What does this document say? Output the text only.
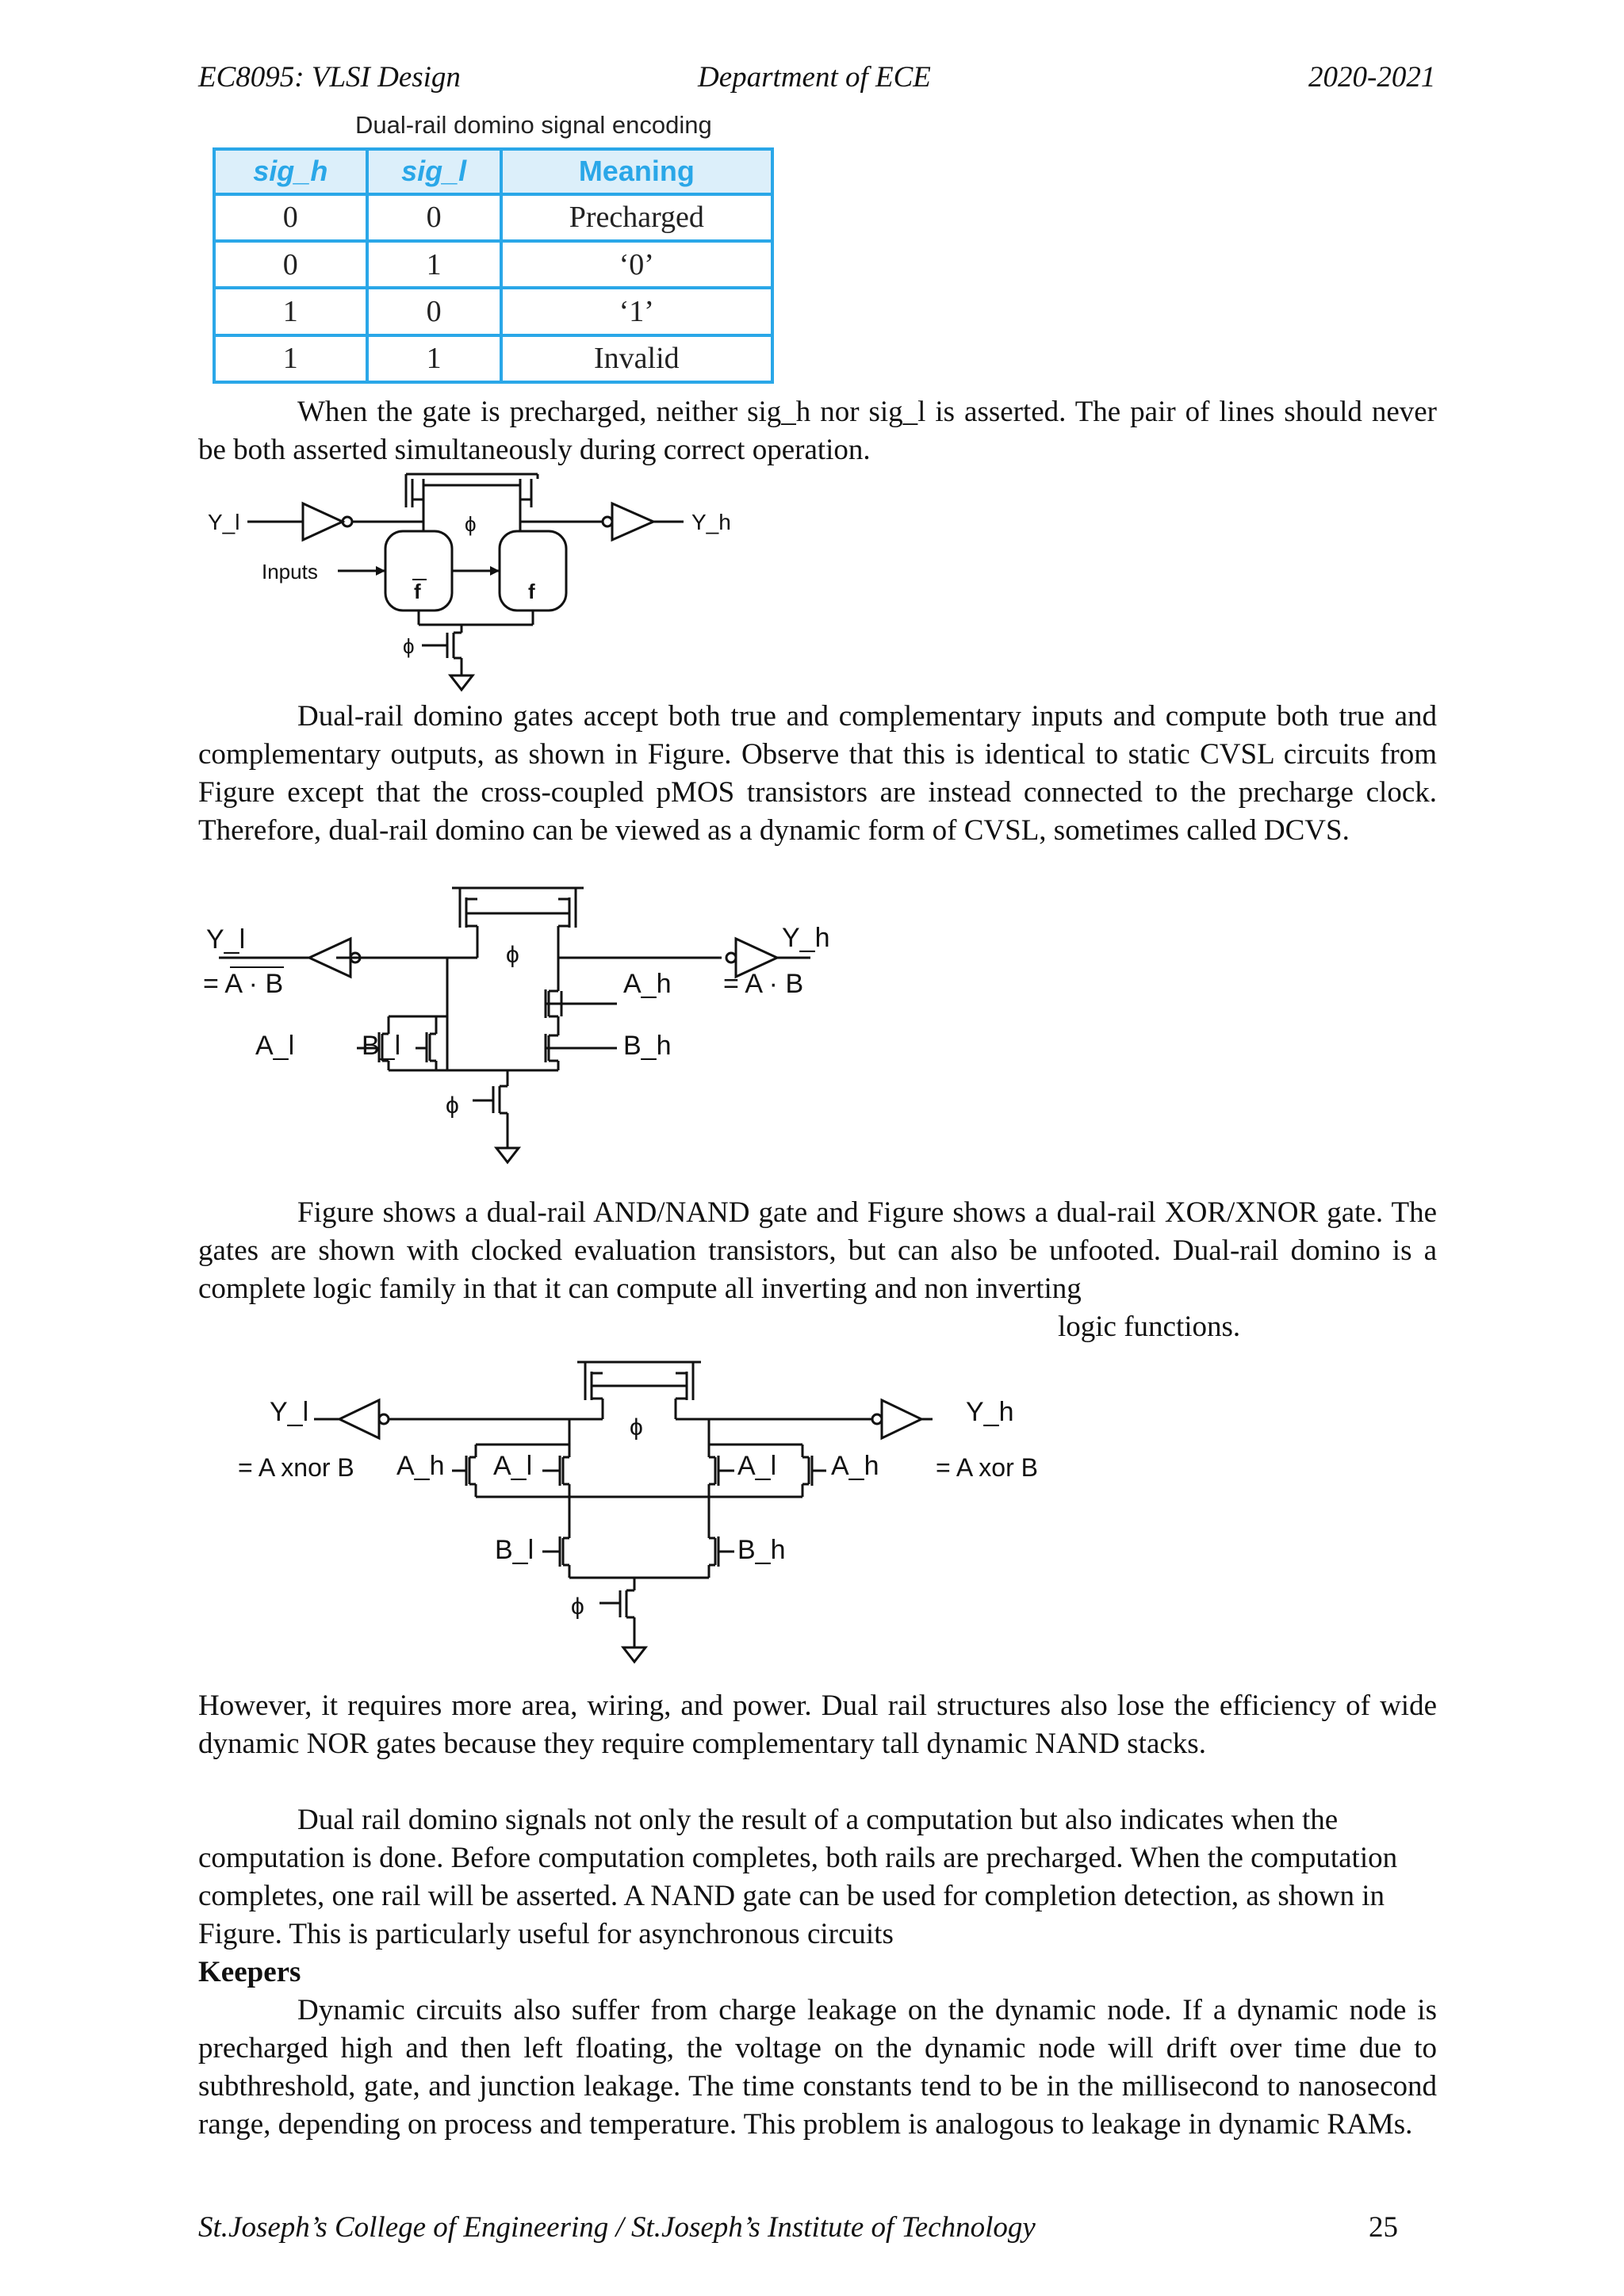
EC8095: VLSI Design	Department of ECE	2020-2021
Dual-rail domino signal encoding
sig_h	sig_l	Meaning
0	0	Precharged
0	1	‘0’
1	0	‘1’
1	1	Invalid

When the gate is precharged, neither sig_h nor sig_l is asserted. The pair of lines should never be both asserted simultaneously during correct operation.

Y_l	Y_h
Inputs
ϕ
ϕ
f	f

Dual-rail domino gates accept both true and complementary inputs and compute both true and complementary outputs, as shown in Figure. Observe that this is identical to static CVSL circuits from Figure except that the cross-coupled pMOS transistors are instead connected to the precharge clock. Therefore, dual-rail domino can be viewed as a dynamic form of CVSL, sometimes called DCVS.

Y_l
= A · B
Y_h
= A · B
A_h
B_h
A_l B_l
ϕ
ϕ

Figure shows a dual-rail AND/NAND gate and Figure shows a dual-rail XOR/XNOR gate. The gates are shown with clocked evaluation transistors, but can also be unfooted. Dual-rail domino is a complete logic family in that it can compute all inverting and non inverting

logic functions.
Y_l
= A xnor B
Y_h
= A xor B
A_h A_l	A_l A_h
B_l	B_h
ϕ
ϕ

However, it requires more area, wiring, and power. Dual rail structures also lose the efficiency of wide dynamic NOR gates because they require complementary tall dynamic NAND stacks.

Dual rail domino signals not only the result of a computation but also indicates when the computation is done. Before computation completes, both rails are precharged. When the computation completes, one rail will be asserted. A NAND gate can be used for completion detection, as shown in Figure. This is particularly useful for asynchronous circuits

Keepers

Dynamic circuits also suffer from charge leakage on the dynamic node. If a dynamic node is precharged high and then left floating, the voltage on the dynamic node will drift over time due to subthreshold, gate, and junction leakage. The time constants tend to be in the millisecond to nanosecond range, depending on process and temperature. This problem is analogous to leakage in dynamic RAMs.

St.Joseph’s College of Engineering / St.Joseph’s Institute of Technology	25
